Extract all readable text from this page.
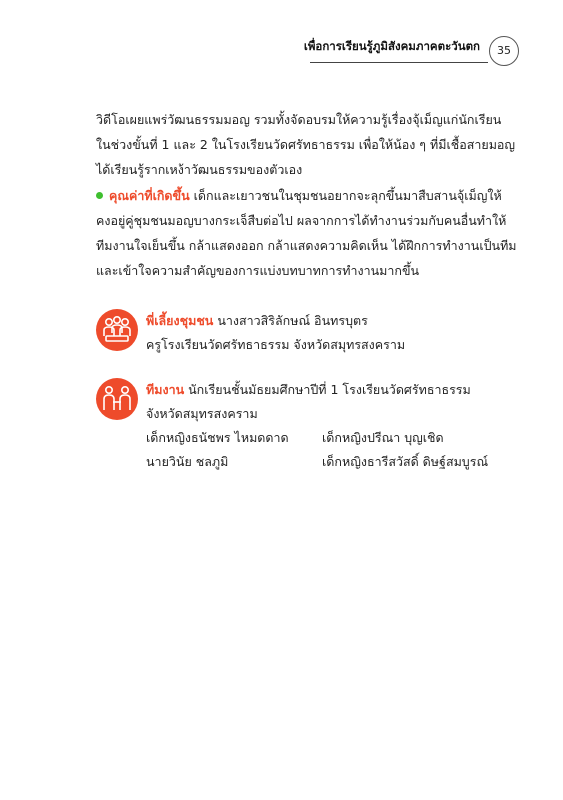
เพื่อการเรียนรู้ภูมิสังคมภาคตะวันตก	35
วิดีโอเผยแพร่วัฒนธรรมมอญ รวมทั้งจัดอบรมให้ความรู้เรื่องจุ้เม็ญแก่นักเรียน
ในช่วงขั้นที่ 1 และ 2 ในโรงเรียนวัดศรัทธาธรรม เพื่อให้น้อง ๆ ที่มีเชื้อสายมอญ
ได้เรียนรู้รากเหง้าวัฒนธรรมของตัวเอง
คุณค่าที่เกิดขึ้น เด็กและเยาวชนในชุมชนอยากจะลุกขึ้นมาสืบสานจุ้เม็ญให้
คงอยู่คู่ชุมชนมอญบางกระเจ็สืบต่อไป ผลจากการได้ทำงานร่วมกับคนอื่นทำให้
ทีมงานใจเย็นขึ้น กล้าแสดงออก กล้าแสดงความคิดเห็น ได้ฝึกการทำงานเป็นทีม
และเข้าใจความสำคัญของการแบ่งบทบาทการทำงานมากขึ้น
พี่เลี้ยงชุมชน นางสาวสิริลักษณ์ อินทรบุตร
ครูโรงเรียนวัดศรัทธาธรรม จังหวัดสมุทรสงคราม
ทีมงาน นักเรียนชั้นมัธยมศึกษาปีที่ 1 โรงเรียนวัดศรัทธาธรรม
จังหวัดสมุทรสงคราม
เด็กหญิงธนัชพร ไหมดดาด	เด็กหญิงปรีณา บุญเชิด
นายวินัย ชลภูมิ	เด็กหญิงธารีสวัสดิ์ ดิษฐ์สมบูรณ์
